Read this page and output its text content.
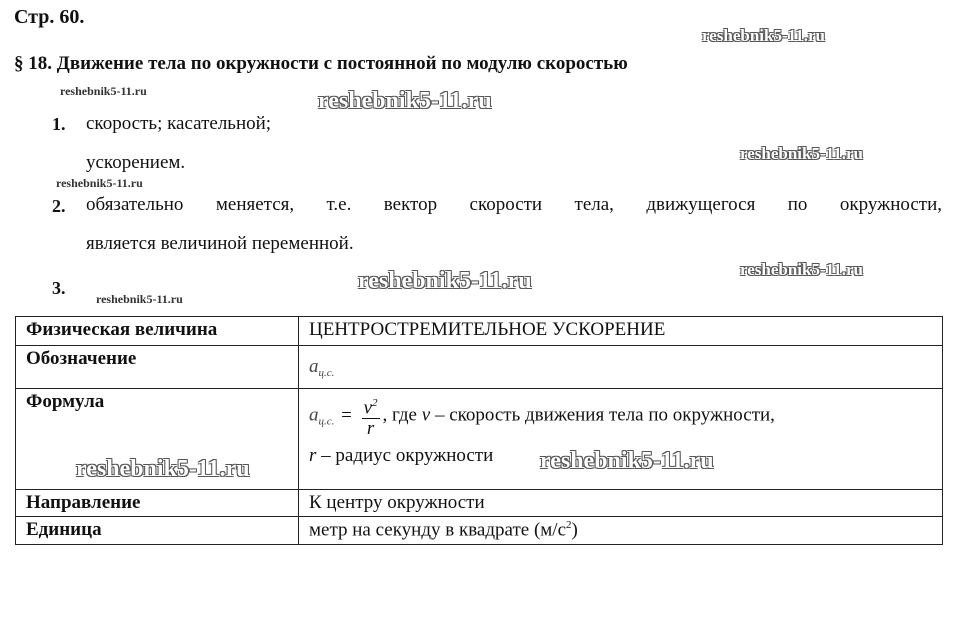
Стр. 60.
reshebnik5-11.ru
§ 18. Движение тела по окружности с постоянной по модулю скоростью
reshebnik5-11.ru	reshebnik5-11.ru
1. скорость; касательной;
ускорением.	reshebnik5-11.ru
reshebnik5-11.ru
2. обязательно меняется, т.е. вектор скорости тела, движущегося по окружности,
является величиной переменной.
3.	reshebnik5-11.ru	reshebnik5-11.ru
reshebnik5-11.ru
Физическая величина	ЦЕНТРОСТРЕМИТЕЛЬНОЕ УСКОРЕНИЕ
Обозначение	$a_{ц.с.}$
Формула	$a_{ц.с.} = \frac{v^2}{r}$ , где v – скорость движения тела по окружности,
r – радиус окружности

Направление	К центру окружности
Единица	метр на секунду в квадрате $(м/с^2)$
reshebnik5-11.ru	reshebnik5-11.ru
